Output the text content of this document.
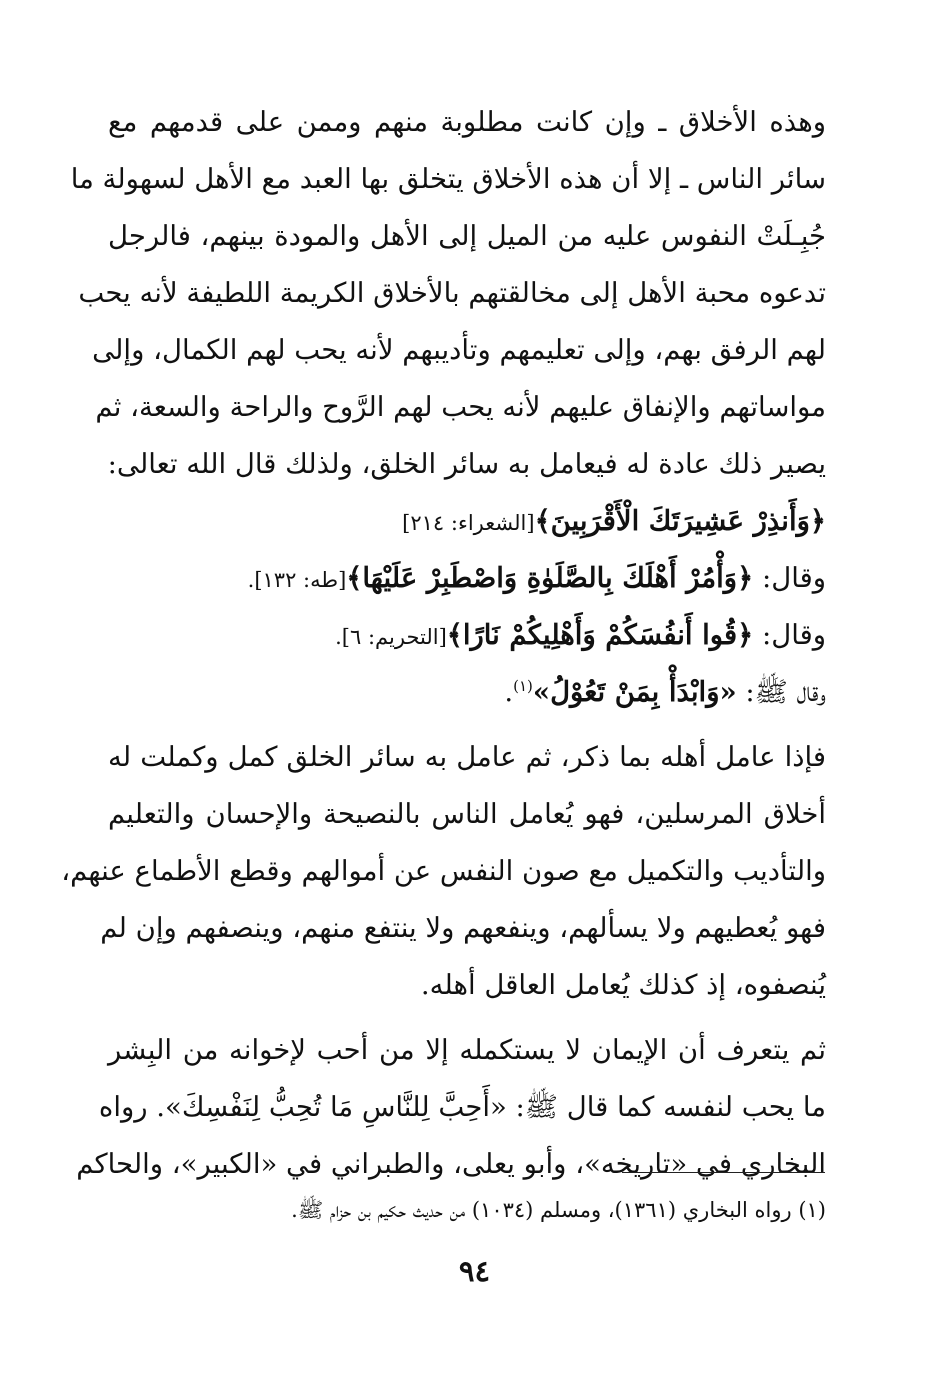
وهذه الأخلاق ـ وإن كانت مطلوبة منهم وممن على قدمهم مع
سائر الناس ـ إلا أن هذه الأخلاق يتخلق بها العبد مع الأهل لسهولة ما
جُبِـلَتْ النفوس عليه من الميل إلى الأهل والمودة بينهم، فالرجل
تدعوه محبة الأهل إلى مخالقتهم بالأخلاق الكريمة اللطيفة لأنه يحب
لهم الرفق بهم، وإلى تعليمهم وتأديبهم لأنه يحب لهم الكمال، وإلى
مواساتهم والإنفاق عليهم لأنه يحب لهم الرَّوح والراحة والسعة، ثم
يصير ذلك عادة له فيعامل به سائر الخلق، ولذلك قال الله تعالى:
﴿وَأَنذِرْ عَشِيرَتَكَ الْأَقْرَبِينَ﴾[الشعراء: ٢١٤]
وقال: ﴿وَأْمُرْ أَهْلَكَ بِالصَّلَوٰةِ وَاصْطَبِرْ عَلَيْهَا﴾[طه: ١٣٢].
وقال: ﴿قُوا أَنفُسَكُمْ وَأَهْلِيكُمْ نَارًا﴾[التحريم: ٦].
وقال ﷺ: «وَابْدَأْ بِمَنْ تَعُوْلُ»$^{(١)}$.
فإذا عامل أهله بما ذكر، ثم عامل به سائر الخلق كمل وكملت له
أخلاق المرسلين، فهو يُعامل الناس بالنصيحة والإحسان والتعليم
والتأديب والتكميل مع صون النفس عن أموالهم وقطع الأطماع عنهم،
فهو يُعطيهم ولا يسألهم، وينفعهم ولا ينتفع منهم، وينصفهم وإن لم
يُنصفوه، إذ كذلك يُعامل العاقل أهله.
ثم يتعرف أن الإيمان لا يستكمله إلا من أحب لإخوانه من البِشر
ما يحب لنفسه كما قال ﷺ: «أَحِبَّ لِلنَّاسِ مَا تُحِبُّ لِنَفْسِكَ». رواه
البخاري في «تاريخه»، وأبو يعلى، والطبراني في «الكبير»، والحاكم
(١) رواه البخاري (١٣٦١)، ومسلم (١٠٣٤) من حديث حكيم بن حزام ﷺ.
٩٤
